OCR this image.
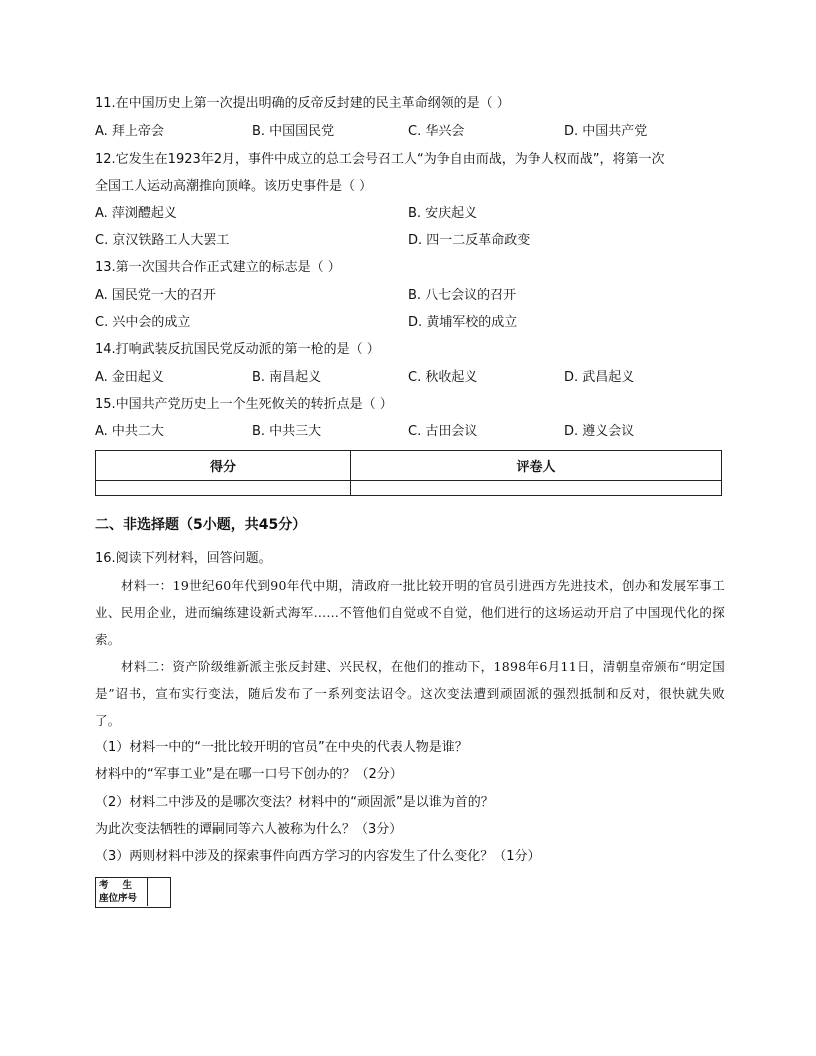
11.在中国历史上第一次提出明确的反帝反封建的民主革命纲领的是（ ）
A. 拜上帝会	B. 中国国民党	C. 华兴会	D. 中国共产党
12.它发生在1923年2月，事件中成立的总工会号召工人“为争自由而战，为争人权而战”，将第一次
全国工人运动高潮推向顶峰。该历史事件是（ ）
A. 萍浏醴起义	B. 安庆起义
C. 京汉铁路工人大罢工	D. 四一二反革命政变
13.第一次国共合作正式建立的标志是（ ）
A. 国民党一大的召开	B. 八七会议的召开
C. 兴中会的成立	D. 黄埔军校的成立
14.打响武装反抗国民党反动派的第一枪的是（ ）
A. 金田起义	B. 南昌起义	C. 秋收起义	D. 武昌起义
15.中国共产党历史上一个生死攸关的转折点是（ ）
A. 中共二大	B. 中共三大	C. 古田会议	D. 遵义会议
得分	评卷人

二、非选择题（5小题，共45分）
16.阅读下列材料，回答问题。
材料一：19世纪60年代到90年代中期，清政府一批比较开明的官员引进西方先进技术，创办和发展军事工业、民用企业，进而编练建设新式海军……不管他们自觉或不自觉，他们进行的这场运动开启了中国现代化的探索。
材料二：资产阶级维新派主张反封建、兴民权，在他们的推动下，1898年6月11日，清朝皇帝颁布“明定国是”诏书，宣布实行变法，随后发布了一系列变法诏令。这次变法遭到顽固派的强烈抵制和反对，很快就失败了。
（1）材料一中的“一批比较开明的官员”在中央的代表人物是谁？
材料中的“军事工业”是在哪一口号下创办的？（2分）
（2）材料二中涉及的是哪次变法？材料中的“顽固派”是以谁为首的？
为此次变法牺牲的谭嗣同等六人被称为什么？（3分）
（3）两则材料中涉及的探索事件向西方学习的内容发生了什么变化？（1分）
考生
座位序号
